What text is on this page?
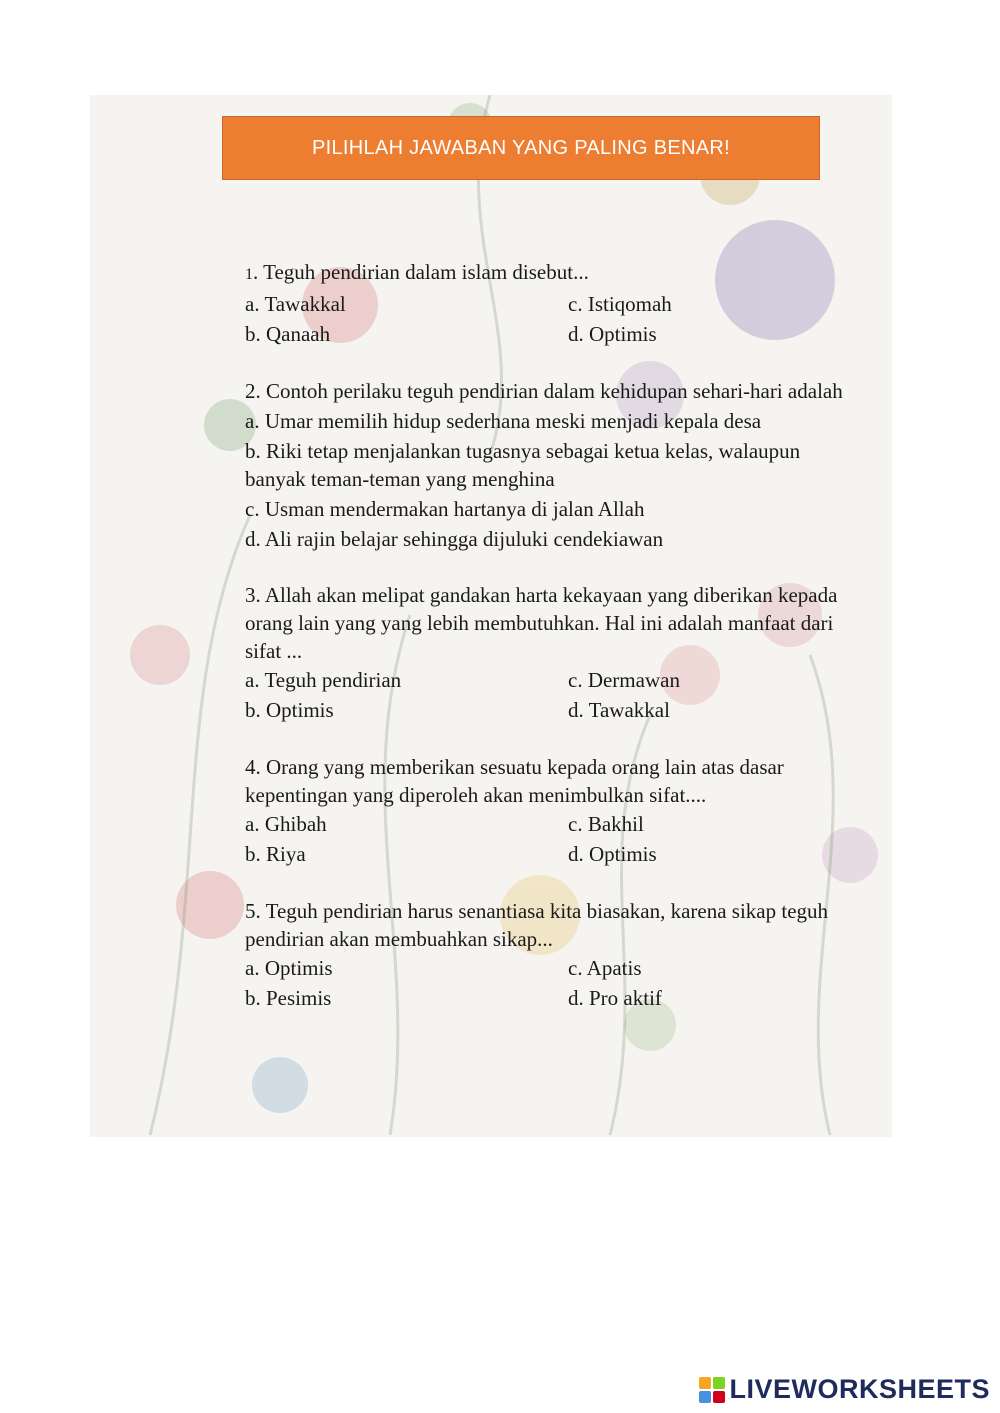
PILIHLAH JAWABAN YANG PALING BENAR!

1. Teguh pendirian dalam islam disebut...

a. Tawakkal	c. Istiqomah
b. Qanaah	d. Optimis

2. Contoh perilaku teguh pendirian dalam kehidupan sehari-hari adalah

a. Umar memilih hidup sederhana meski menjadi kepala desa
b. Riki tetap menjalankan tugasnya sebagai ketua kelas, walaupun banyak teman-teman yang menghina
c. Usman mendermakan hartanya di jalan Allah
d. Ali rajin belajar sehingga dijuluki cendekiawan

3. Allah akan melipat gandakan harta kekayaan yang diberikan kepada orang lain yang yang lebih membutuhkan. Hal ini adalah manfaat dari sifat ...

a. Teguh pendirian	c. Dermawan
b. Optimis	d. Tawakkal

4. Orang yang memberikan sesuatu kepada orang lain atas dasar kepentingan yang diperoleh akan menimbulkan sifat....

a. Ghibah	c. Bakhil
b. Riya	d. Optimis

5. Teguh pendirian harus senantiasa kita biasakan, karena sikap teguh pendirian akan membuahkan sikap...

a. Optimis	c. Apatis
b. Pesimis	d. Pro aktif
LIVEWORKSHEETS
